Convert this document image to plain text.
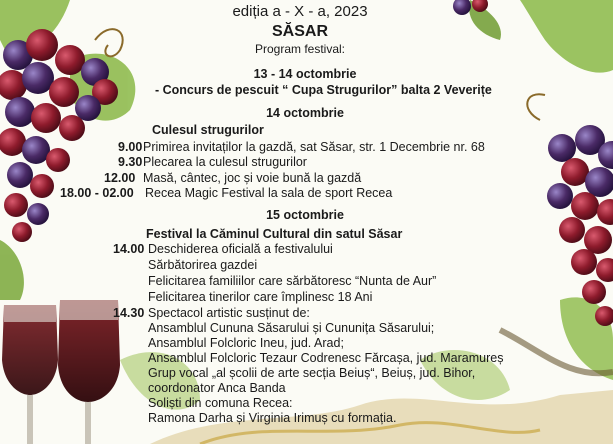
ediția a - X - a, 2023
SĂSAR
Program festival:
13 - 14 octombrie
- Concurs de pescuit “ Cupa Strugurilor” balta 2 Veverițe
14 octombrie
Culesul strugurilor
9.00 Primirea invitaților la gazdă, sat Săsar, str. 1 Decembrie nr. 68
9.30 Plecarea la culesul strugurilor
12.00 Masă, cântec, joc și voie bună la gazdă
18.00 - 02.00 Recea Magic Festival la sala de sport Recea
15 octombrie
Festival la Căminul Cultural din satul Săsar
14.00 Deschiderea oficială a festivalului
Sărbătorirea gazdei
Felicitarea familiilor care sărbătoresc “Nunta de Aur”
Felicitarea tinerilor care împlinesc 18 Ani
14.30 Spectacol artistic susținut de:
Ansamblul Cununa Săsarului și Cununița Săsarului;
Ansamblul Folcloric Ineu, jud. Arad;
Ansamblul Folcloric Tezaur Codrenesc Fărcașa, jud. Maramureș
Grup vocal „al școlii de arte secția Beiuș“, Beiuș, jud. Bihor,
coordonator Anca Banda
Soliști din comuna Recea:
Ramona Darha și Virginia Irimuș cu formația.
